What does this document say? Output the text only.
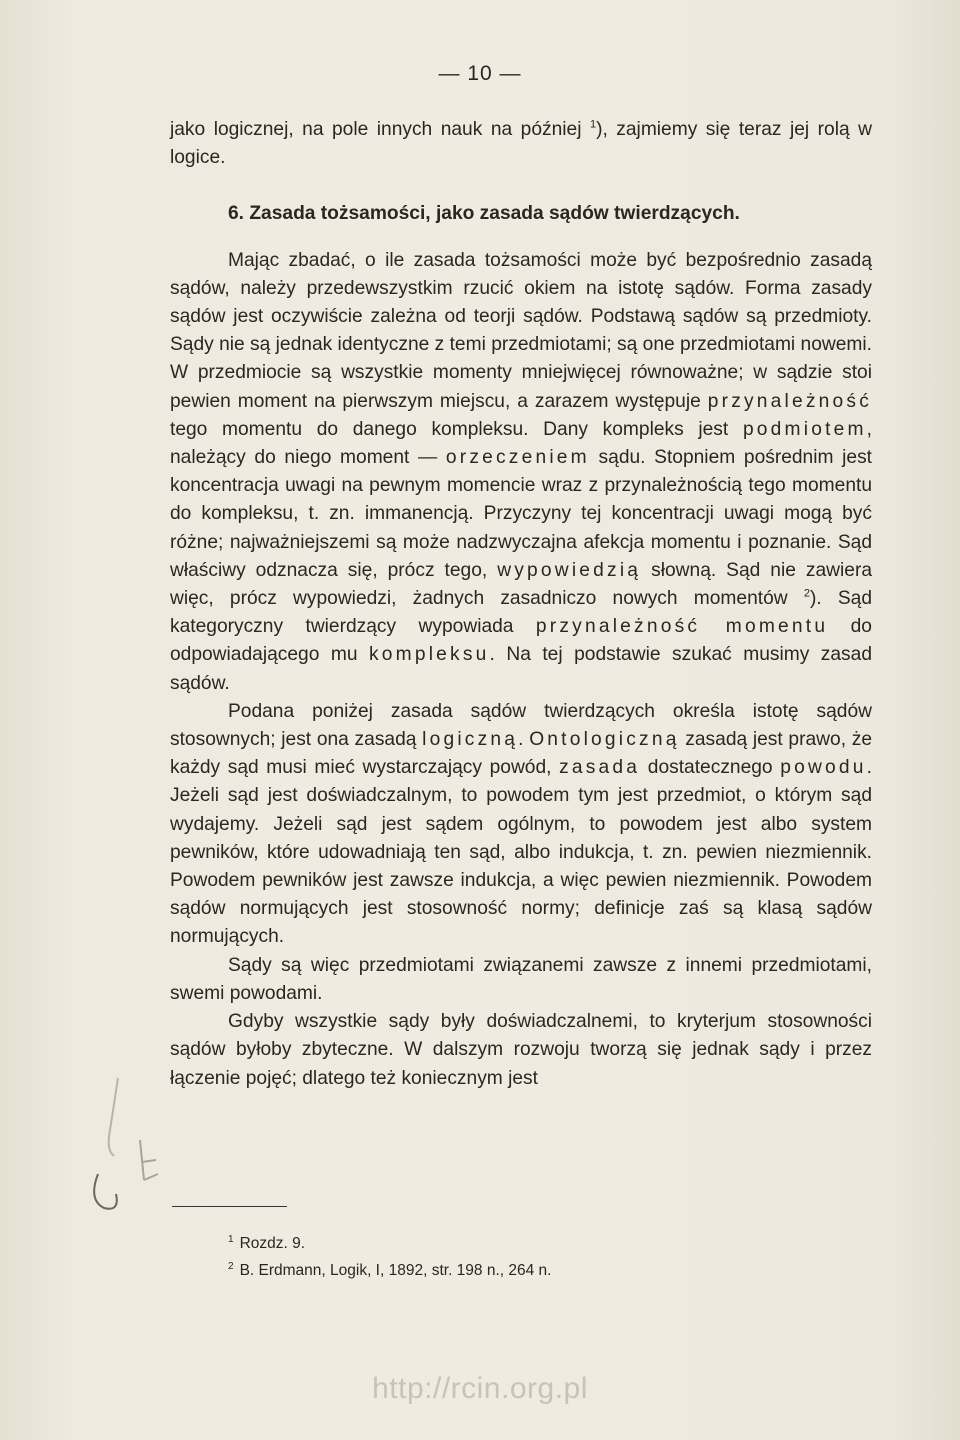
— 10 —

jako logicznej, na pole innych nauk na później $^1$), zajmiemy się teraz jej rolą w logice.

6. Zasada tożsamości, jako zasada sądów twierdzących.

Mając zbadać, o ile zasada tożsamości może być bezpośrednio zasadą sądów, należy przedewszystkim rzucić okiem na istotę sądów. Forma zasady sądów jest oczywiście zależna od teorji sądów. Podstawą sądów są przedmioty. Sądy nie są jednak identyczne z temi przedmiotami; są one przedmiotami nowemi. W przedmiocie są wszystkie momenty mniejwięcej równoważne; w sądzie stoi pewien moment na pierwszym miejscu, a zarazem występuje przynależność tego momentu do danego kompleksu. Dany kompleks jest podmiotem, należący do niego moment — orzeczeniem sądu. Stopniem pośrednim jest koncentracja uwagi na pewnym momencie wraz z przynależnością tego momentu do kompleksu, t. zn. immanencją. Przyczyny tej koncentracji uwagi mogą być różne; najważniejszemi są może nadzwyczajna afekcja momentu i poznanie. Sąd właściwy odznacza się, prócz tego, wypowiedzią słowną. Sąd nie zawiera więc, prócz wypowiedzi, żadnych zasadniczo nowych momentów $^2$). Sąd kategoryczny twierdzący wypowiada przynależność momentu do odpowiadającego mu kompleksu. Na tej podstawie szukać musimy zasad sądów.

Podana poniżej zasada sądów twierdzących określa istotę sądów stosownych; jest ona zasadą logiczną. Ontologiczną zasadą jest prawo, że każdy sąd musi mieć wystarczający powód, zasada dostatecznego powodu. Jeżeli sąd jest doświadczalnym, to powodem tym jest przedmiot, o którym sąd wydajemy. Jeżeli sąd jest sądem ogólnym, to powodem jest albo system pewników, które udowadniają ten sąd, albo indukcja, t. zn. pewien niezmiennik. Powodem pewników jest zawsze indukcja, a więc pewien niezmiennik. Powodem sądów normujących jest stosowność normy; definicje zaś są klasą sądów normujących.

Sądy są więc przedmiotami związanemi zawsze z innemi przedmiotami, swemi powodami.

Gdyby wszystkie sądy były doświadczalnemi, to kryterjum stosowności sądów byłoby zbyteczne. W dalszym rozwoju tworzą się jednak sądy i przez łączenie pojęć; dlatego też koniecznym jest

$^1$ Rozdz. 9.
$^2$ B. Erdmann, Logik, I, 1892, str. 198 n., 264 n.
http://rcin.org.pl
